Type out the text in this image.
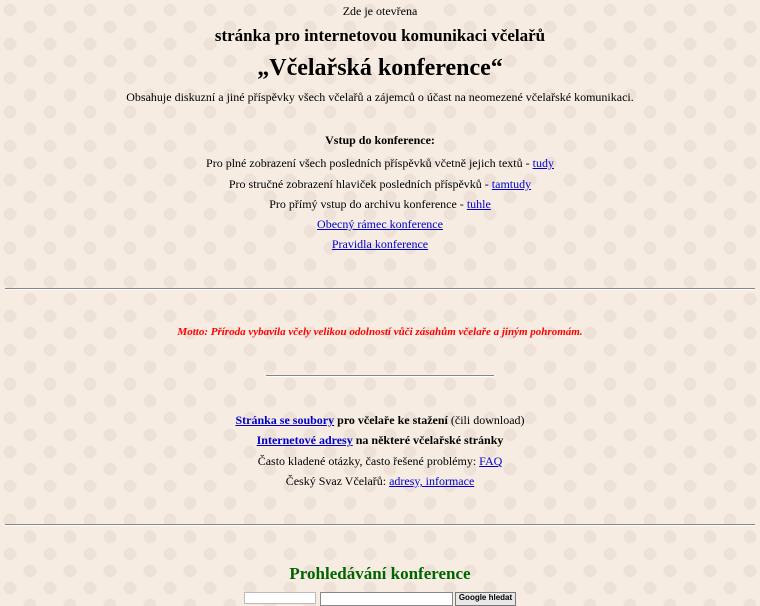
Zde je otevřena
stránka pro internetovou komunikaci včelařů
„Včelařská konference“
Obsahuje diskuzní a jiné příspěvky všech včelařů a zájemců o účast na neomezené včelařské komunikaci.
Vstup do konference:
Pro plné zobrazení všech posledních příspěvků včetně jejich textů - tudy
Pro stručné zobrazení hlaviček posledních příspěvků - tamtudy
Pro přímý vstup do archivu konference - tuhle
Obecný rámec konference
Pravidla konference
Motto: Příroda vybavila včely velikou odolností vůči zásahům včelaře a jiným pohromám.
Stránka se soubory pro včelaře ke stažení (čili download)
Internetové adresy na některé včelařské stránky
Často kladené otázky, často řešené problémy: FAQ
Český Svaz Včelařů: adresy, informace
Prohledávání konference
Google hledat
